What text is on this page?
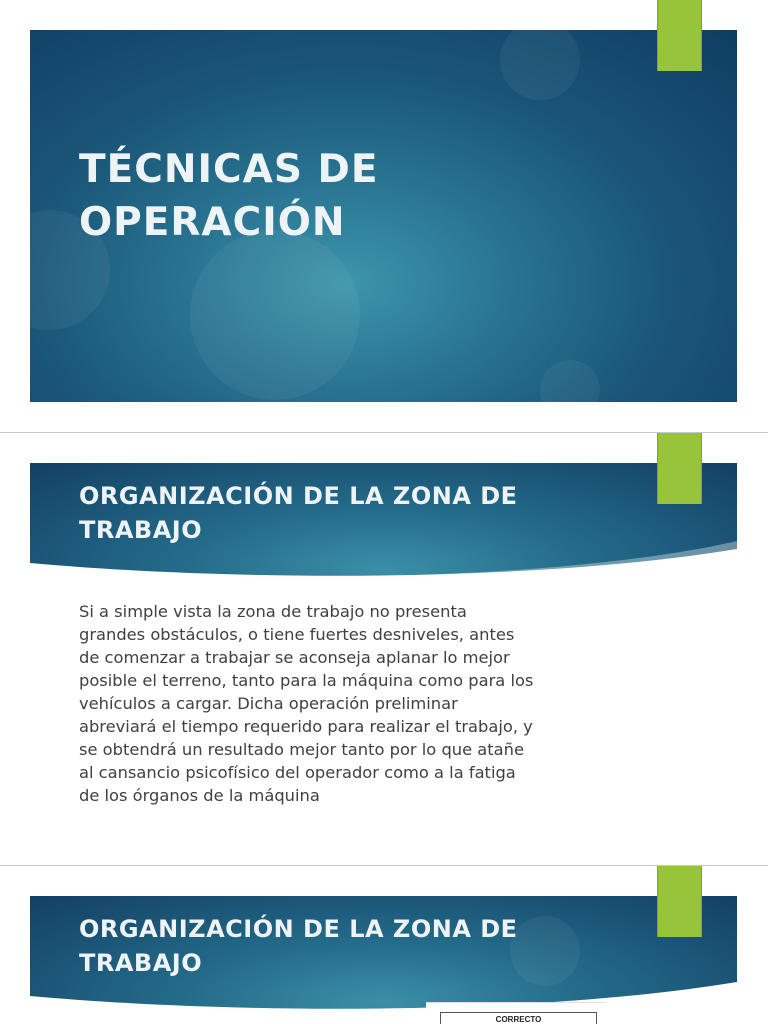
TÉCNICAS DE
OPERACIÓN
ORGANIZACIÓN DE LA ZONA DE
TRABAJO
Si a simple vista la zona de trabajo no presenta
grandes obstáculos, o tiene fuertes desniveles, antes
de comenzar a trabajar se aconseja aplanar lo mejor
posible el terreno, tanto para la máquina como para los
vehículos a cargar. Dicha operación preliminar
abreviará el tiempo requerido para realizar el trabajo, y
se obtendrá un resultado mejor tanto por lo que atañe
al cansancio psicofísico del operador como a la fatiga
de los órganos de la máquina
ORGANIZACIÓN DE LA ZONA DE
TRABAJO
CORRECTO
